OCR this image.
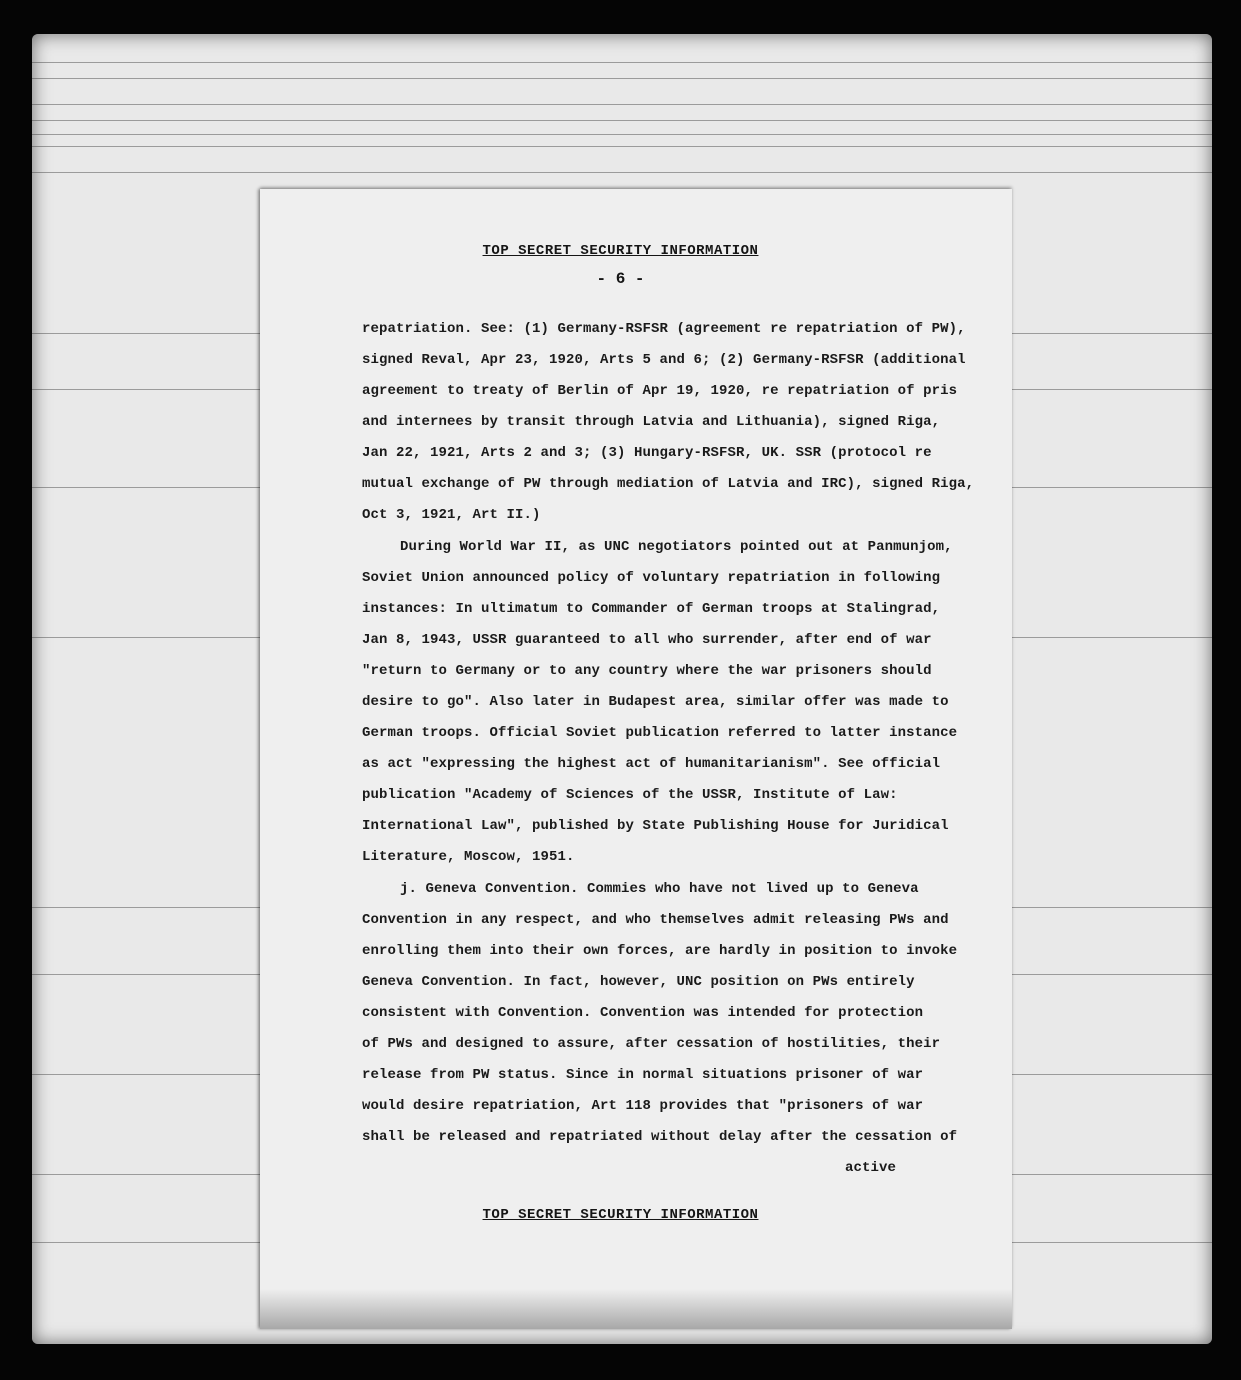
TOP SECRET SECURITY INFORMATION
- 6 -
repatriation. See: (1) Germany-RSFSR (agreement re repatriation of PW),
signed Reval, Apr 23, 1920, Arts 5 and 6; (2) Germany-RSFSR (additional
agreement to treaty of Berlin of Apr 19, 1920, re repatriation of pris
and internees by transit through Latvia and Lithuania), signed Riga,
Jan 22, 1921, Arts 2 and 3; (3) Hungary-RSFSR, UK. SSR (protocol re
mutual exchange of PW through mediation of Latvia and IRC), signed Riga,
Oct 3, 1921, Art II.)
During World War II, as UNC negotiators pointed out at Panmunjom,
Soviet Union announced policy of voluntary repatriation in following
instances: In ultimatum to Commander of German troops at Stalingrad,
Jan 8, 1943, USSR guaranteed to all who surrender, after end of war
"return to Germany or to any country where the war prisoners should
desire to go". Also later in Budapest area, similar offer was made to
German troops. Official Soviet publication referred to latter instance
as act "expressing the highest act of humanitarianism". See official
publication "Academy of Sciences of the USSR, Institute of Law:
International Law", published by State Publishing House for Juridical
Literature, Moscow, 1951.
j. Geneva Convention. Commies who have not lived up to Geneva
Convention in any respect, and who themselves admit releasing PWs and
enrolling them into their own forces, are hardly in position to invoke
Geneva Convention. In fact, however, UNC position on PWs entirely
consistent with Convention. Convention was intended for protection
of PWs and designed to assure, after cessation of hostilities, their
release from PW status. Since in normal situations prisoner of war
would desire repatriation, Art 118 provides that "prisoners of war
shall be released and repatriated without delay after the cessation of
active
TOP SECRET SECURITY INFORMATION
